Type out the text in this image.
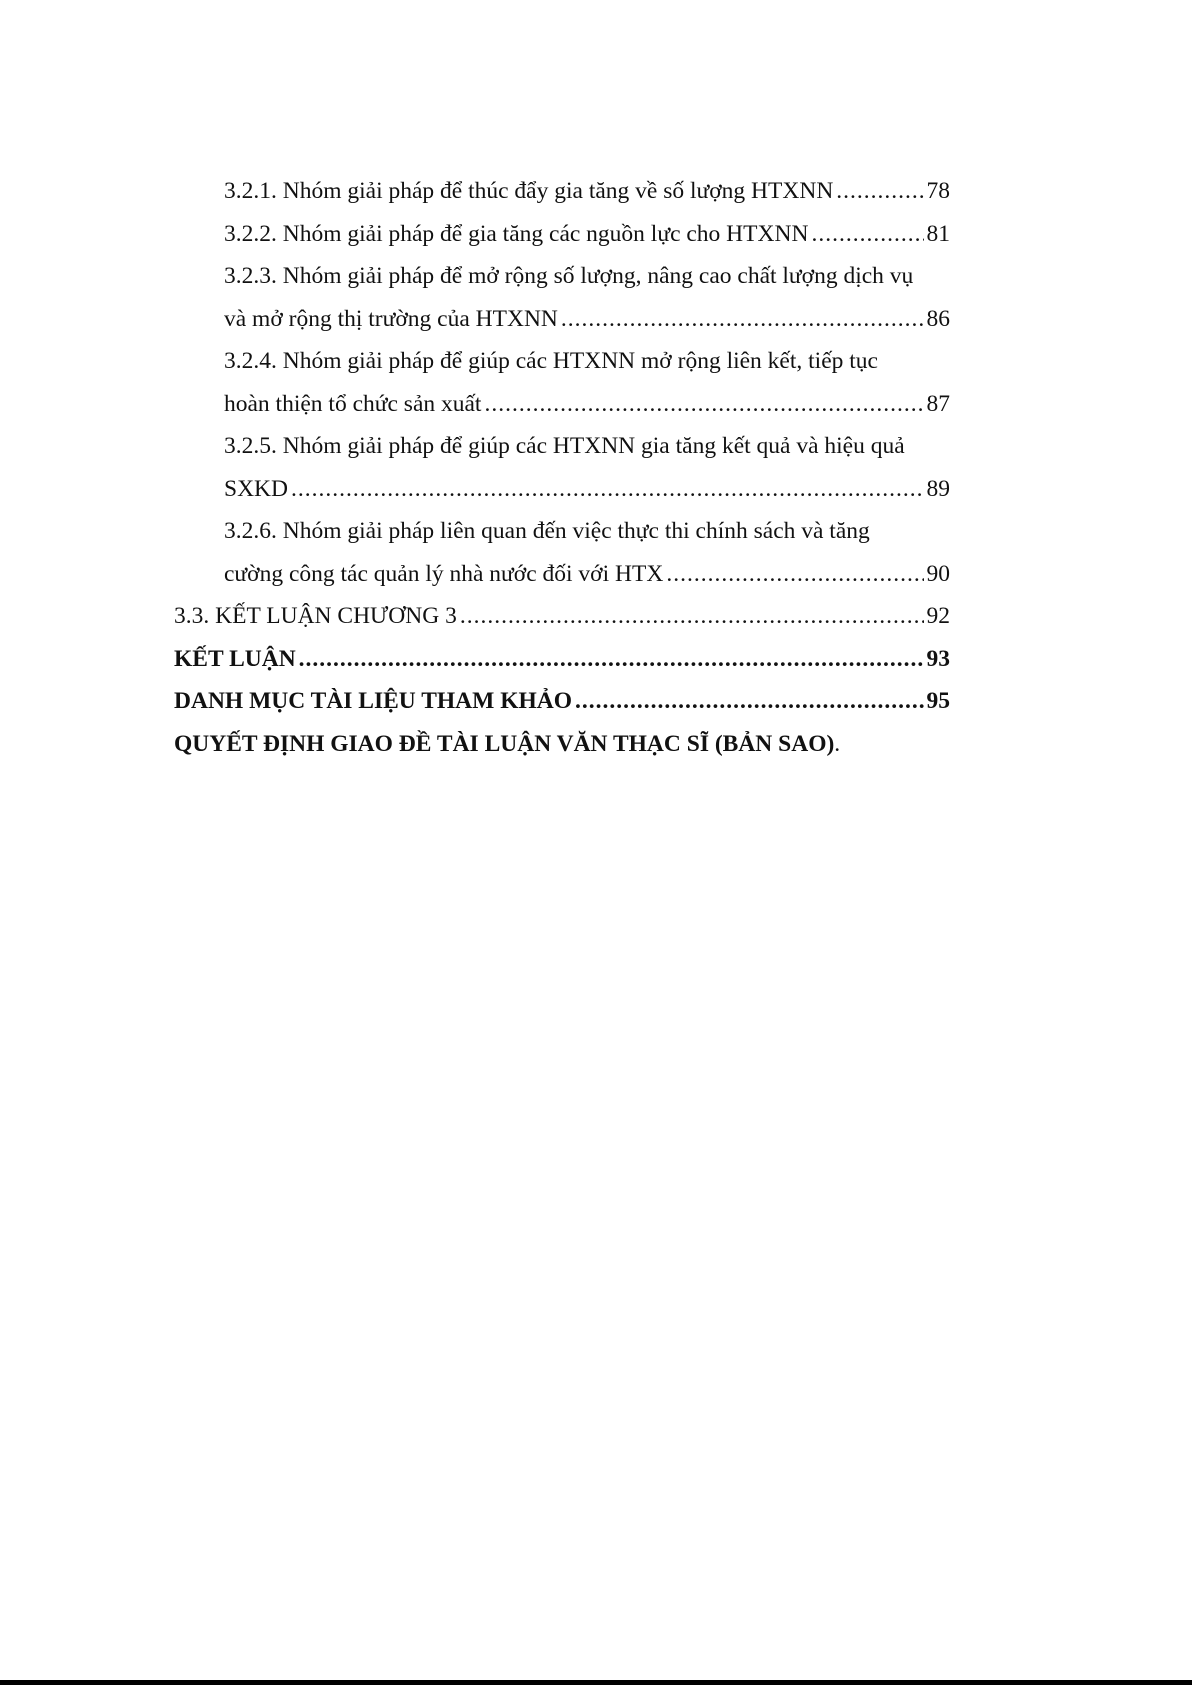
3.2.1. Nhóm giải pháp để thúc đẩy gia tăng về số lượng HTXNN .....	78
3.2.2. Nhóm giải pháp để gia tăng các nguồn lực cho HTXNN .....	81
3.2.3. Nhóm giải pháp để mở rộng số lượng, nâng cao chất lượng dịch vụ
và mở rộng thị trường của HTXNN .....	86
3.2.4. Nhóm giải pháp để giúp các HTXNN mở rộng liên kết, tiếp tục
hoàn thiện tổ chức sản xuất .....	87
3.2.5. Nhóm giải pháp để giúp các HTXNN gia tăng kết quả và hiệu quả
SXKD .....	89
3.2.6. Nhóm giải pháp liên quan đến việc thực thi chính sách và tăng
cường công tác quản lý nhà nước đối với HTX .....	90
3.3. KẾT LUẬN CHƯƠNG 3 .....	92
KẾT LUẬN .....	93
DANH MỤC TÀI LIỆU THAM KHẢO .....	95
QUYẾT ĐỊNH GIAO ĐỀ TÀI LUẬN VĂN THẠC SĨ (BẢN SAO) .
